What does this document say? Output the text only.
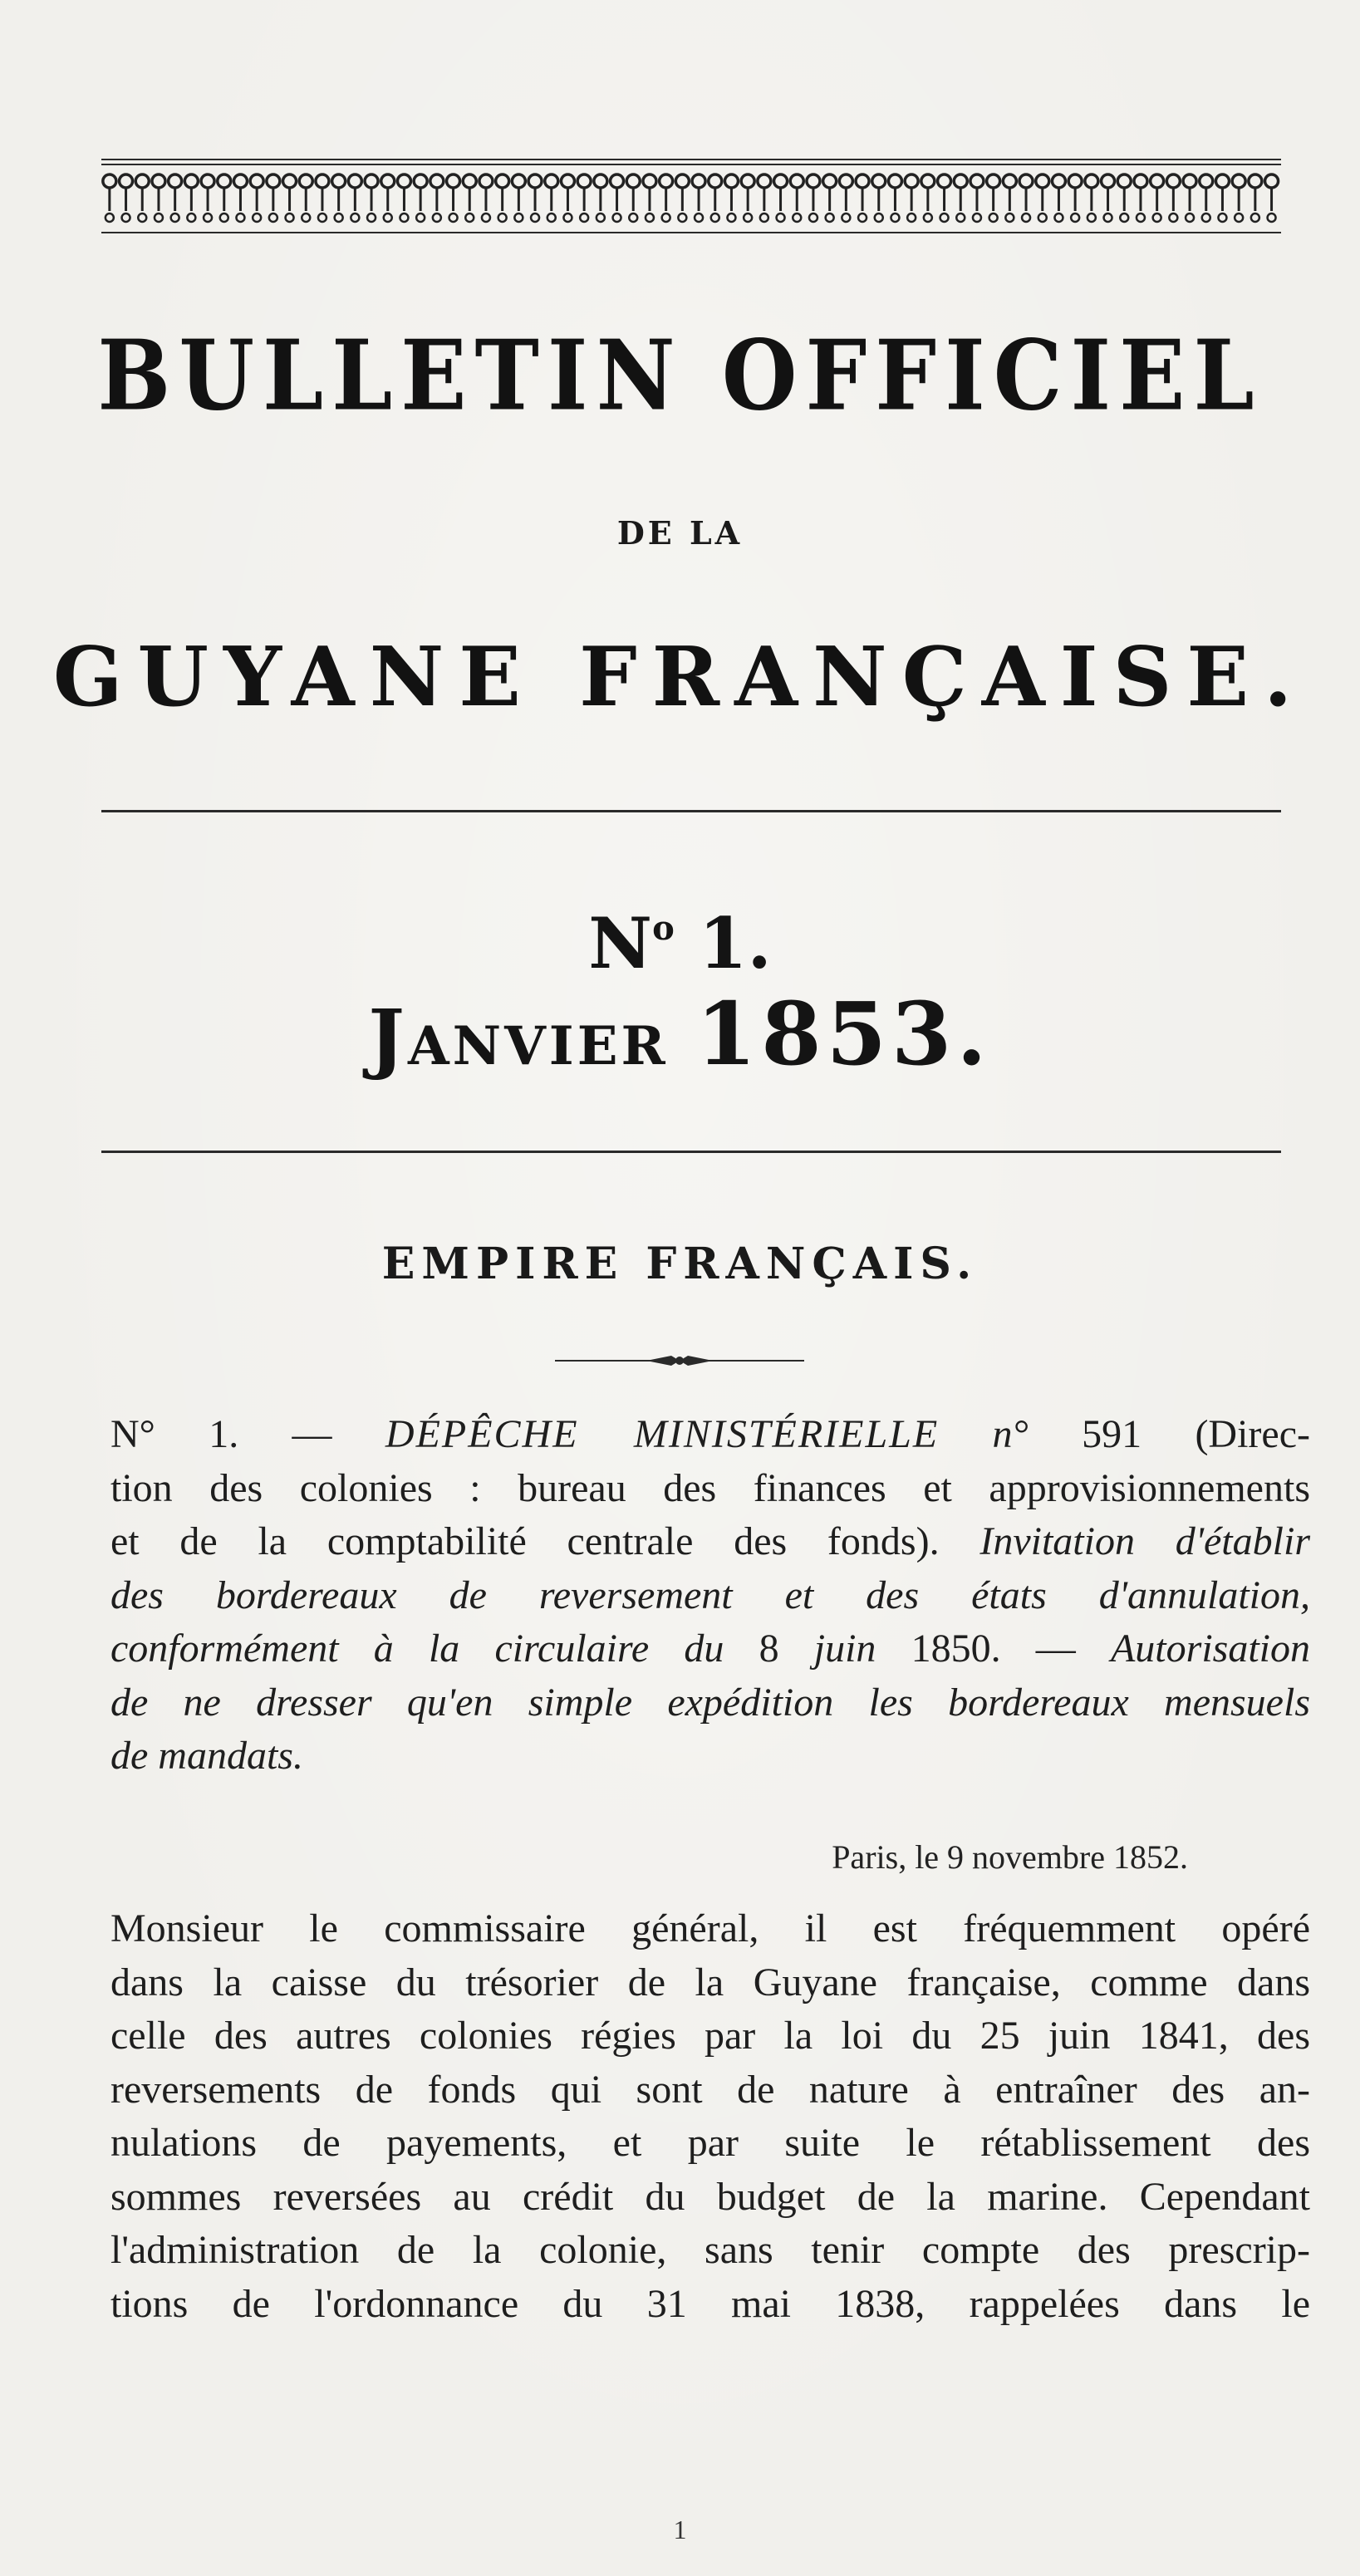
BULLETIN OFFICIEL
DE LA
GUYANE FRANÇAISE.
$N^o$ 1.
JANVIER 1853.
EMPIRE FRANÇAIS.
N° 1. — DÉPÊCHE MINISTÉRIELLE n° 591 (Direc-
tion des colonies : bureau des finances et approvisionnements
et de la comptabilité centrale des fonds). Invitation d'établir
des bordereaux de reversement et des états d'annulation,
conformément à la circulaire du 8 juin 1850. — Autorisation
de ne dresser qu'en simple expédition les bordereaux mensuels
de mandats.
Paris, le 9 novembre 1852.
Monsieur le commissaire général, il est fréquemment opéré
dans la caisse du trésorier de la Guyane française, comme dans
celle des autres colonies régies par la loi du 25 juin 1841, des
reversements de fonds qui sont de nature à entraîner des an-
nulations de payements, et par suite le rétablissement des
sommes reversées au crédit du budget de la marine. Cependant
l'administration de la colonie, sans tenir compte des prescrip-
tions de l'ordonnance du 31 mai 1838, rappelées dans le
1
